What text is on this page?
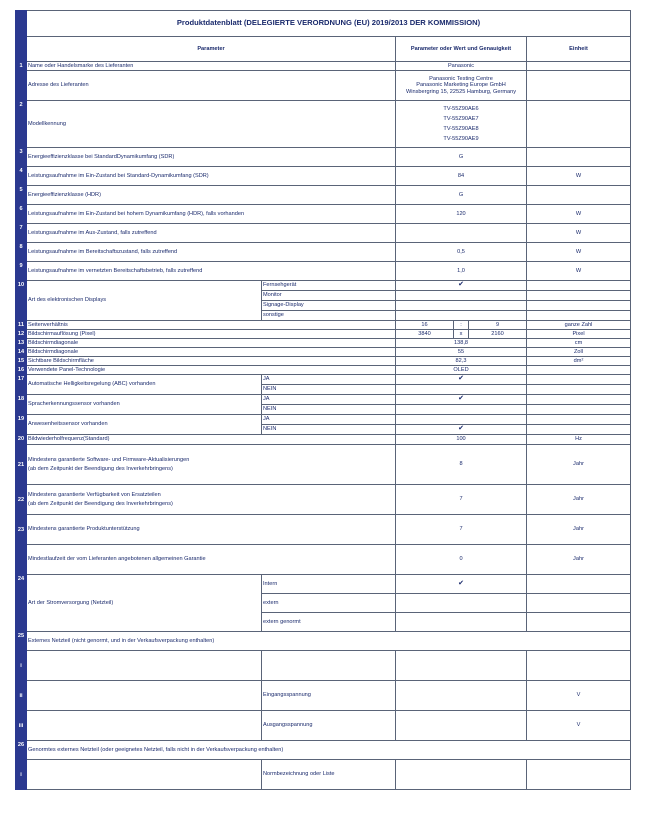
	Produktdatenblatt (DELEGIERTE VERORDNUNG (EU) 2019/2013 DER KOMMISSION)					
	Parameter		Parameter oder Wert und Genauigkeit			Einheit
1	Name oder Handelsmarke des Lieferanten		Panasonic			
	Adresse des Lieferanten		Panasonic Testing Centre
Panasonic Marketing Europe GmbH
Winsbergring 15, 22525 Hamburg, Germany			

2	Modellkennung		TV-55Z90AE6
TV-55Z90AE7
TV-55Z90AE8
TV-55Z90AE9			

3	Energieeffizienzklasse bei StandardDynamikumfang (SDR)		G			
4	Leistungsaufnahme im Ein-Zustand bei Standard-Dynamikumfang (SDR)		84			W
5	Energieeffizienzklasse (HDR)		G			
6	Leistungsaufnahme im Ein-Zustand bei hohem Dynamikumfang (HDR), falls vorhanden		120			W
7	Leistungsaufnahme im Aus-Zustand, falls zutreffend					W
8	Leistungsaufnahme im Bereitschaftszustand, falls zutreffend		0,5			W
9	Leistungsaufnahme im vernetzten Bereitschaftsbetrieb, falls zutreffend		1,0			W
10	Art des elektronischen Displays	Fernsehgerät	✔			
		Monitor				
		Signage-Display				
		sonstige				
11	Seitenverhältnis		16	:	9	ganze Zahl
12	Bildschirmauflösung (Pixel)		3840	x	2160	Pixel
13	Bildschirmdiagonale		138,8			cm
14	Bildschirmdiagonale		55			Zoll
15	Sichtbare Bildschirmfläche		82,3			dm²
16	Verwendete Panel-Technologie		OLED			
17	Automatische Helligkeitsregelung (ABC) vorhanden	JA	✔			
		NEIN				
18	Spracherkennungssensor vorhanden	JA	✔			
		NEIN				
19	Anwesenheitssensor vorhanden	JA				
		NEIN	✔			
20	Bildwiederholfrequenz(Standard)		100			Hz
21	Mindestens garantierte Software- und Firmware-Aktualisierungen
(ab dem Zeitpunkt der Beendigung des Inverkehrbringens)		8			Jahr
22	Mindestens garantierte Verfügbarkeit von Ersatzteilen
(ab dem Zeitpunkt der Beendigung des Inverkehrbringens)		7			Jahr
23	Mindestens garantierte Produktunterstützung		7			Jahr
	Mindestlaufzeit der vom Lieferanten angebotenen allgemeinen Garantie		0			Jahr
24	Art der Stromversorgung (Netzteil)	Intern	✔			
		extern				
		extern genormt				
25	Externes Netzteil (nicht genormt, und in der Verkaufsverpackung enthalten)					
i						
ii		Eingangsspannung				V
iii		Ausgangsspannung				V
26	Genormtes externes Netzteil (oder geeignetes Netzteil, falls nicht in der Verkaufsverpackung enthalten)					
i		Normbezeichnung oder Liste				
